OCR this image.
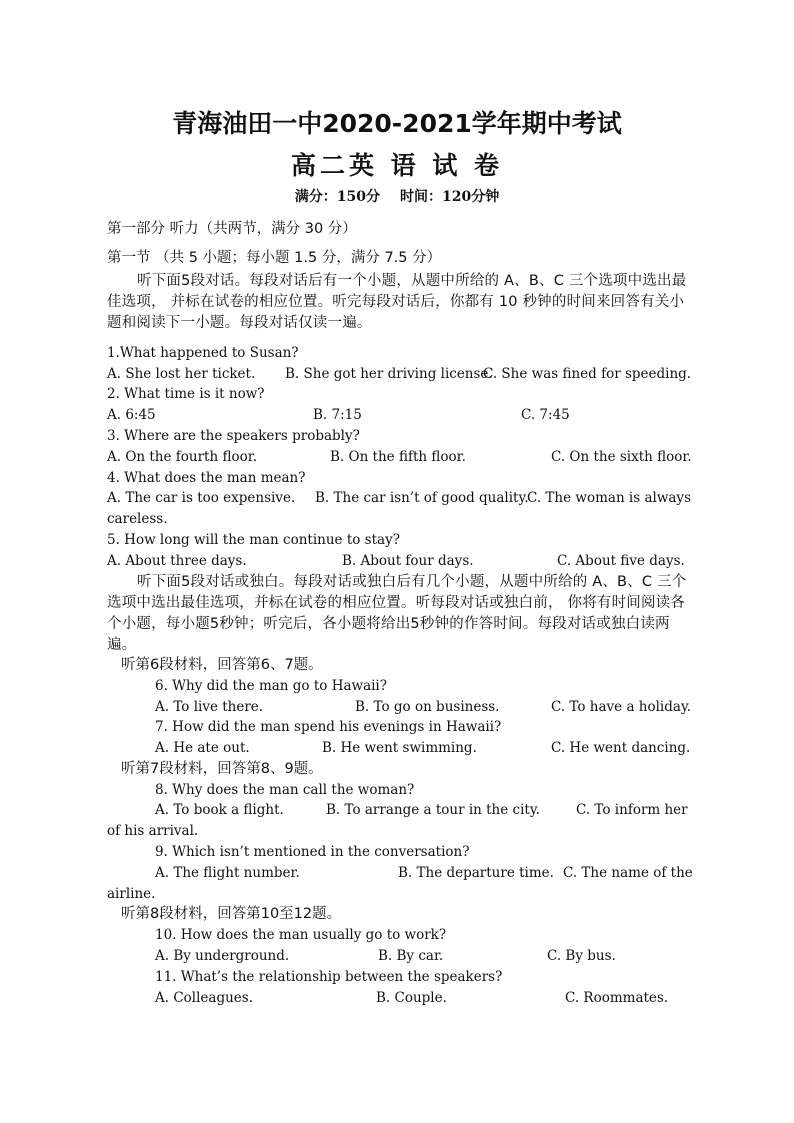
青海油田一中2020-2021学年期中考试
高二英 语 试 卷
满分：150分 时间：120分钟
第一部分 听力（共两节，满分 30 分）
第一节 （共 5 小题；每小题 1.5 分，满分 7.5 分）
听下面5段对话。每段对话后有一个小题，从题中所给的 A、B、C 三个选项中选出最佳选项， 并标在试卷的相应位置。听完每段对话后，你都有 10 秒钟的时间来回答有关小题和阅读下一小题。每段对话仅读一遍。
1.What happened to Susan?
A. She lost her ticket. B. She got her driving license.
C. She was fined for speeding.
2. What time is it now?
A. 6:45	B. 7:15	C. 7:45
3. Where are the speakers probably?
A. On the fourth floor.	B. On the fifth floor.	C. On the sixth floor.
4. What does the man mean?
A. The car is too expensive. B. The car isn’t of good quality.
C. The woman is always
careless.
5. How long will the man continue to stay?
A. About three days.	B. About four days.	C. About five days.
听下面5段对话或独白。每段对话或独白后有几个小题，从题中所给的 A、B、C 三个选项中选出最佳选项，并标在试卷的相应位置。听每段对话或独白前， 你将有时间阅读各个小题，每小题5秒钟；听完后，各小题将给出5秒钟的作答时间。每段对话或独白读两遍。
听第6段材料，回答第6、7题。
6. Why did the man go to Hawaii?
A. To live there.	B. To go on business.	C. To have a holiday.
7. How did the man spend his evenings in Hawaii?
A. He ate out.	B. He went swimming.	C. He went dancing.
听第7段材料，回答第8、9题。
8. Why does the man call the woman?
A. To book a flight.	B. To arrange a tour in the city.	C. To inform her
of his arrival.
9. Which isn’t mentioned in the conversation?
A. The flight number.	B. The departure time. C. The name of the
airline.
听第8段材料，回答第10至12题。
10. How does the man usually go to work?
A. By underground.	B. By car.	C. By bus.
11. What’s the relationship between the speakers?
A. Colleagues.	B. Couple.	C. Roommates.
